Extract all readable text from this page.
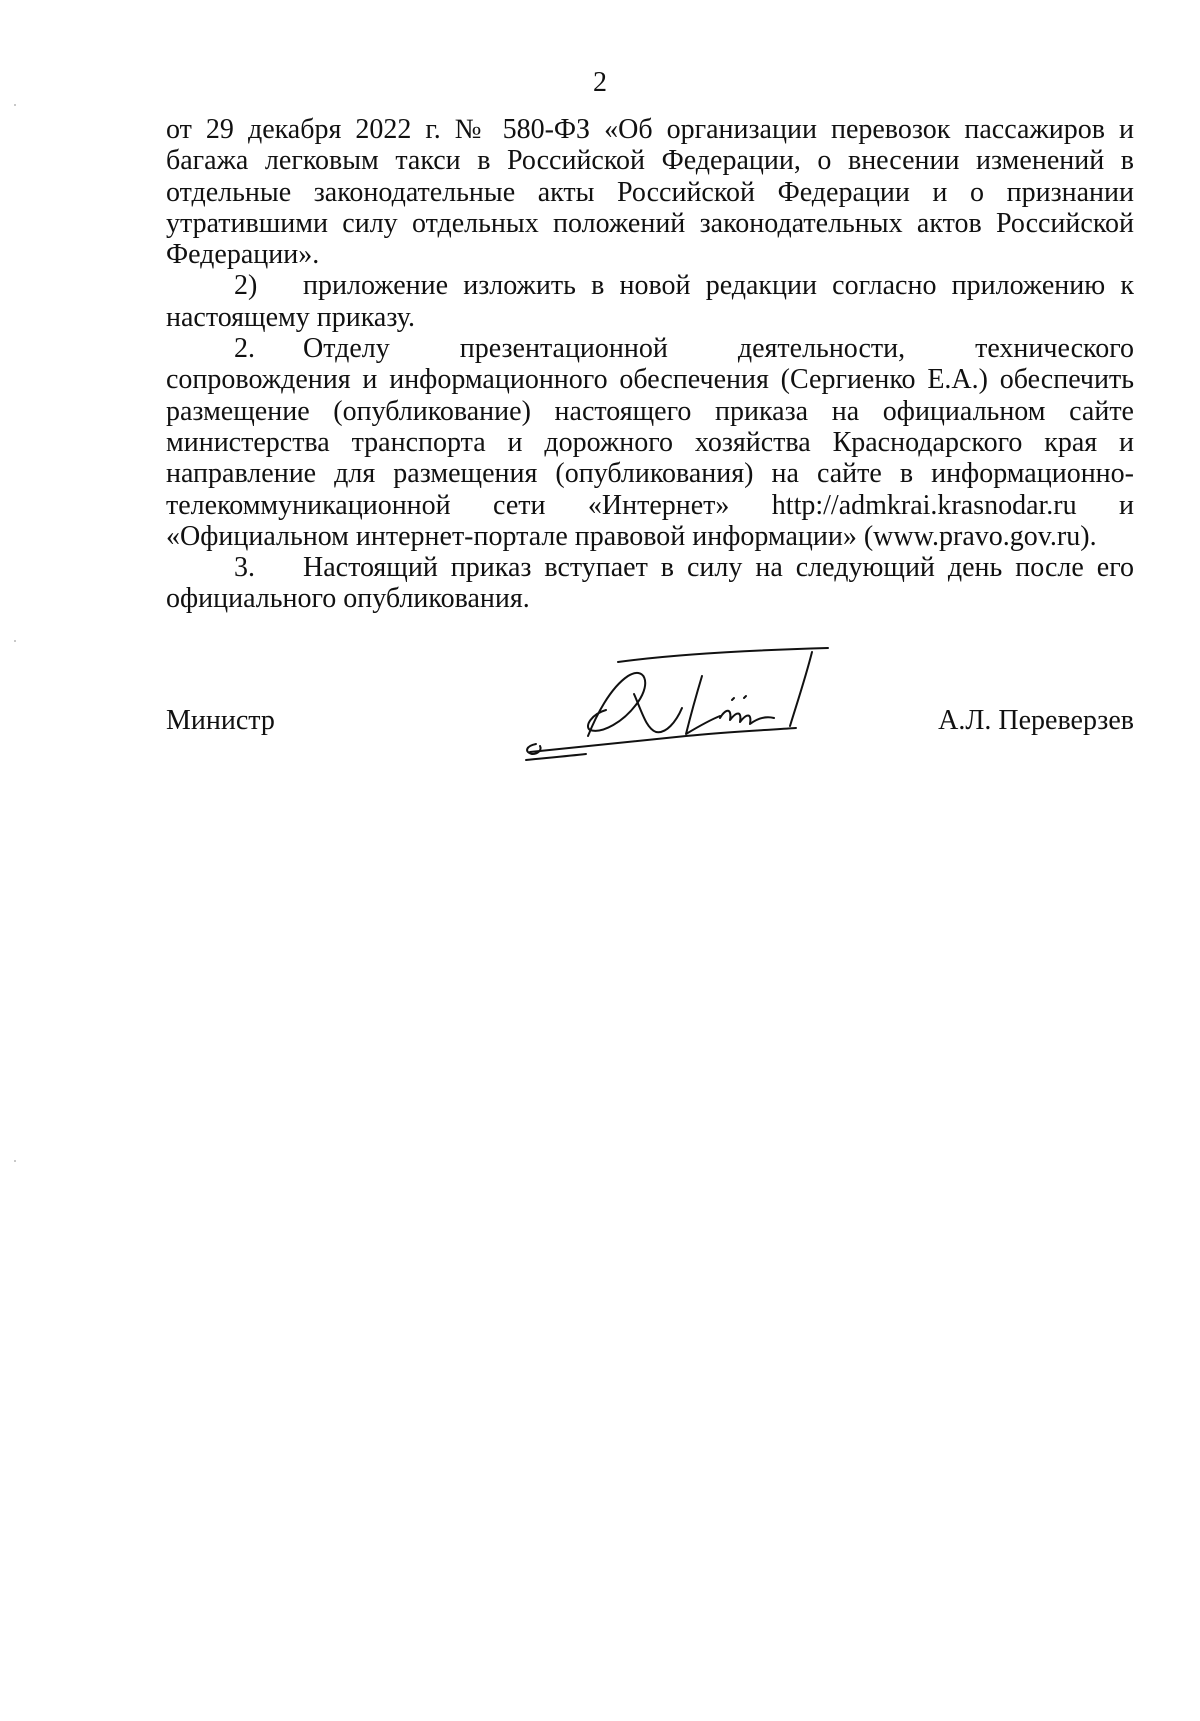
2

от 29 декабря 2022 г. № 580-ФЗ «Об организации перевозок пассажиров и багажа легковым такси в Российской Федерации, о внесении изменений в отдельные законодательные акты Российской Федерации и о признании утратившими силу отдельных положений законодательных актов Российской Федерации».

2) приложение изложить в новой редакции согласно приложению к настоящему приказу.

2. Отделу презентационной деятельности, технического сопровождения и информационного обеспечения (Сергиенко Е.А.) обеспечить размещение (опубликование) настоящего приказа на официальном сайте министерства транспорта и дорожного хозяйства Краснодарского края и направление для размещения (опубликования) на сайте в информационно-телекоммуникационной сети «Интернет» http://admkrai.krasnodar.ru и «Официальном интернет-портале правовой информации» (www.pravo.gov.ru).

3. Настоящий приказ вступает в силу на следующий день после его официального опубликования.

Министр	А.Л. Переверзев
